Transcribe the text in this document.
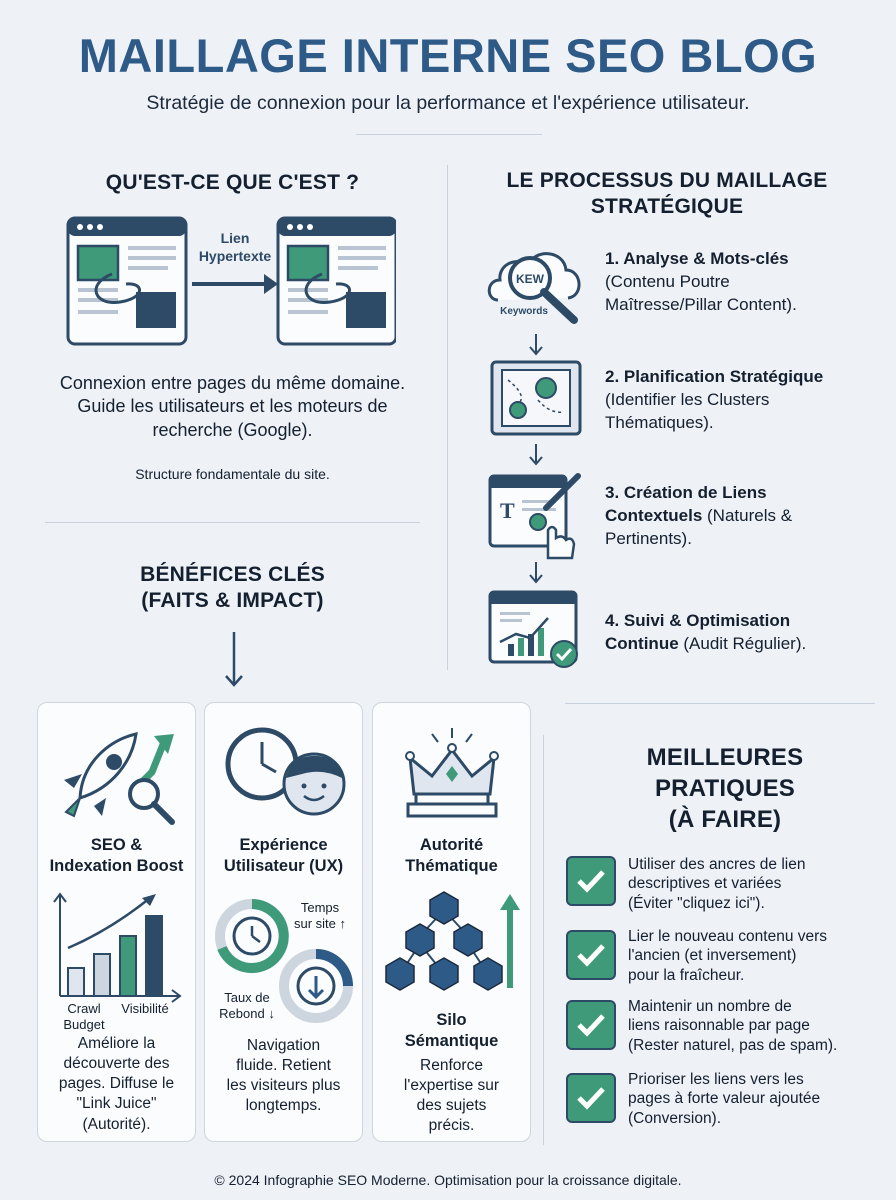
MAILLAGE INTERNE SEO BLOG
Stratégie de connexion pour la performance et l'expérience utilisateur.
QU'EST-CE QUE C'EST ?
Lien
Hypertexte
Connexion entre pages du même domaine.
Guide les utilisateurs et les moteurs de
recherche (Google).
Structure fondamentale du site.
BÉNÉFICES CLÉS
(FAITS & IMPACT)
LE PROCESSUS DU MAILLAGE
STRATÉGIQUE
KEW
Keywords
T
1. Analyse & Mots-clés
(Contenu Poutre
Maîtresse/Pillar Content).
2. Planification Stratégique
(Identifier les Clusters
Thématiques).
3. Création de Liens
Contextuels (Naturels &
Pertinents).
4. Suivi & Optimisation
Continue (Audit Régulier).
SEO &
Indexation Boost
Crawl
Budget
Visibilité
Améliore la
découverte des
pages. Diffuse le
"Link Juice"
(Autorité).
Expérience
Utilisateur (UX)
Temps
sur site ↑
Taux de
Rebond ↓
Navigation
fluide. Retient
les visiteurs plus
longtemps.
Autorité
Thématique
Silo
Sémantique
Renforce
l'expertise sur
des sujets
précis.
MEILLEURES
PRATIQUES
(À FAIRE)
Utiliser des ancres de lien
descriptives et variées
(Éviter "cliquez ici").
Lier le nouveau contenu vers
l'ancien (et inversement)
pour la fraîcheur.
Maintenir un nombre de
liens raisonnable par page
(Rester naturel, pas de spam).
Prioriser les liens vers les
pages à forte valeur ajoutée
(Conversion).
© 2024 Infographie SEO Moderne. Optimisation pour la croissance digitale.
